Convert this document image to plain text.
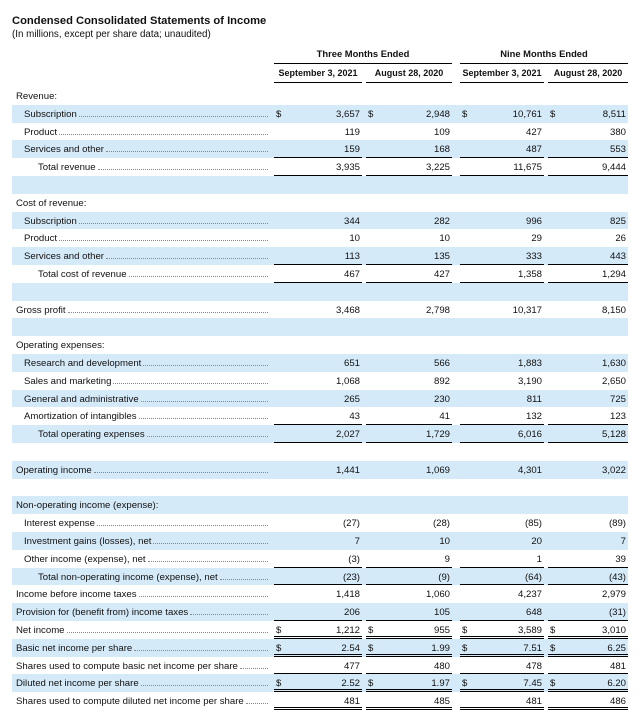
Condensed Consolidated Statements of Income
(In millions, except per share data; unaudited)
Three Months Ended	Nine Months Ended
September 3, 2021	August 28, 2020	September 3, 2021	August 28, 2020
Revenue:
Subscription	$	3,657 $	2,948 $	10,761 $	8,511
Product	119	109	427	380
Services and other	159	168	487	553
Total revenue	3,935	3,225	11,675	9,444
Cost of revenue:
Subscription	344	282	996	825
Product	10	10	29	26
Services and other	113	135	333	443
Total cost of revenue	467	427	1,358	1,294
Gross profit	3,468	2,798	10,317	8,150
Operating expenses:
Research and development	651	566	1,883	1,630
Sales and marketing	1,068	892	3,190	2,650
General and administrative	265	230	811	725
Amortization of intangibles	43	41	132	123
Total operating expenses	2,027	1,729	6,016	5,128
Operating income	1,441	1,069	4,301	3,022
Non-operating income (expense):
Interest expense	(27)	(28)	(85)	(89)
Investment gains (losses), net	7	10	20	7
Other income (expense), net	(3)	9	1	39
Total non-operating income (expense), net	(23)	(9)	(64)	(43)
Income before income taxes	1,418	1,060	4,237	2,979
Provision for (benefit from) income taxes	206	105	648	(31)
Net income	$	1,212 $	955 $	3,589 $	3,010
Basic net income per share	$	2.54 $	1.99 $	7.51 $	6.25
Shares used to compute basic net income per share	477	480	478	481
Diluted net income per share	$	2.52 $	1.97 $	7.45 $	6.20
Shares used to compute diluted net income per share	481	485	481	486
